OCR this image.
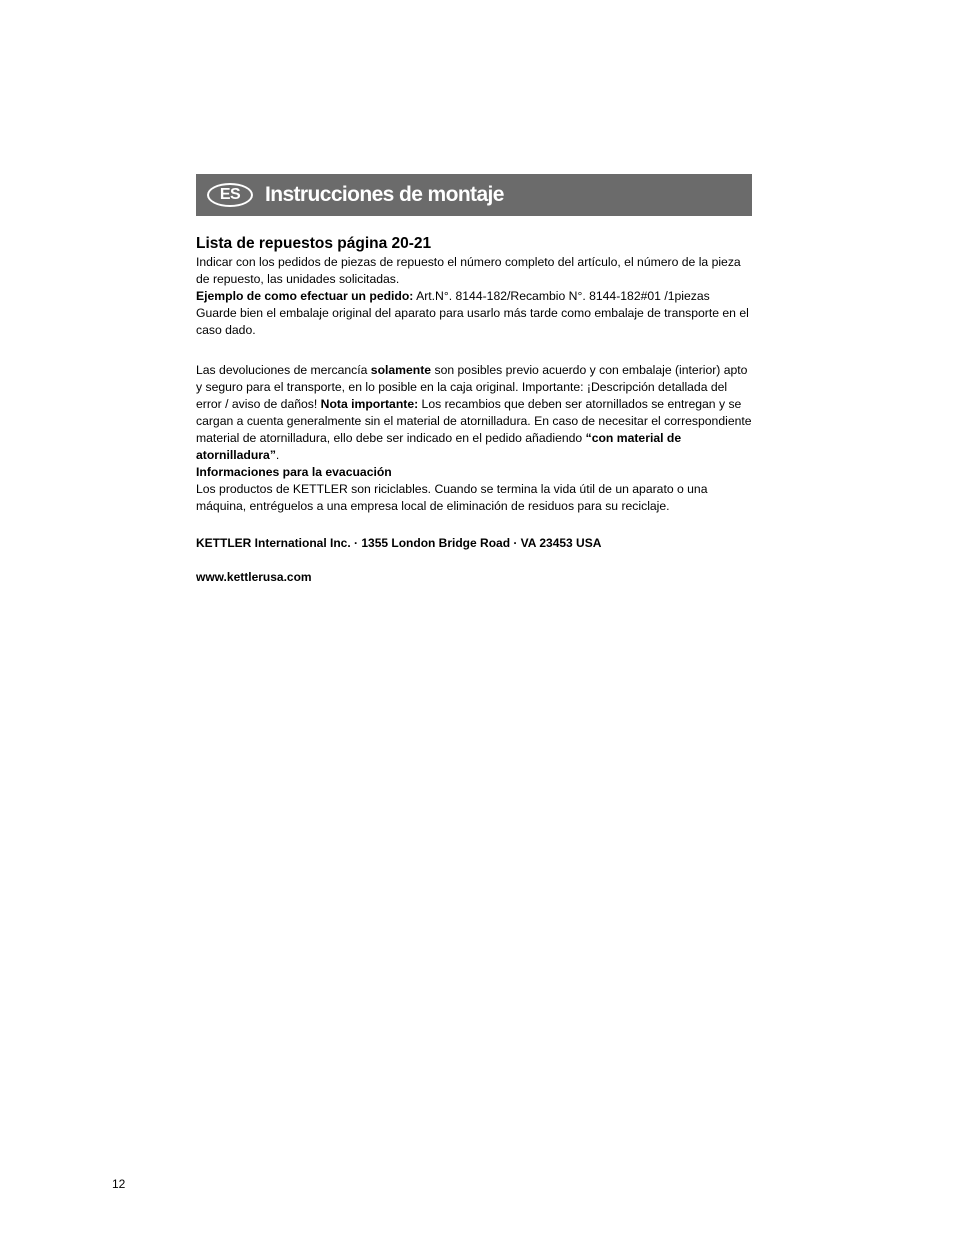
ES	Instrucciones de montaje
Lista de repuestos página 20-21

Indicar con los pedidos de piezas de repuesto el número completo del artículo, el número de la pieza de repuesto, las unidades solicitadas.

Ejemplo de como efectuar un pedido: Art.N°. 8144-182/Recambio N°. 8144-182#01 /1piezas

Guarde bien el embalaje original del aparato para usarlo más tarde como embalaje de transporte en el caso dado.

Las devoluciones de mercancía solamente son posibles previo acuerdo y con embalaje (interior) apto y seguro para el transporte, en lo posible en la caja original. Importante: ¡Descripción detallada del error / aviso de daños! Nota importante: Los recambios que deben ser atornillados se entregan y se cargan a cuenta generalmente sin el material de atornilladura. En caso de necesitar el correspondiente material de atornilladura, ello debe ser indicado en el pedido añadiendo “con material de atornilladura”.

Informaciones para la evacuación

Los productos de KETTLER son riciclables. Cuando se termina la vida útil de un aparato o una máquina, entréguelos a una empresa local de eliminación de residuos para su reciclaje.

KETTLER International Inc. · 1355 London Bridge Road · VA 23453 USA

www.kettlerusa.com

12
